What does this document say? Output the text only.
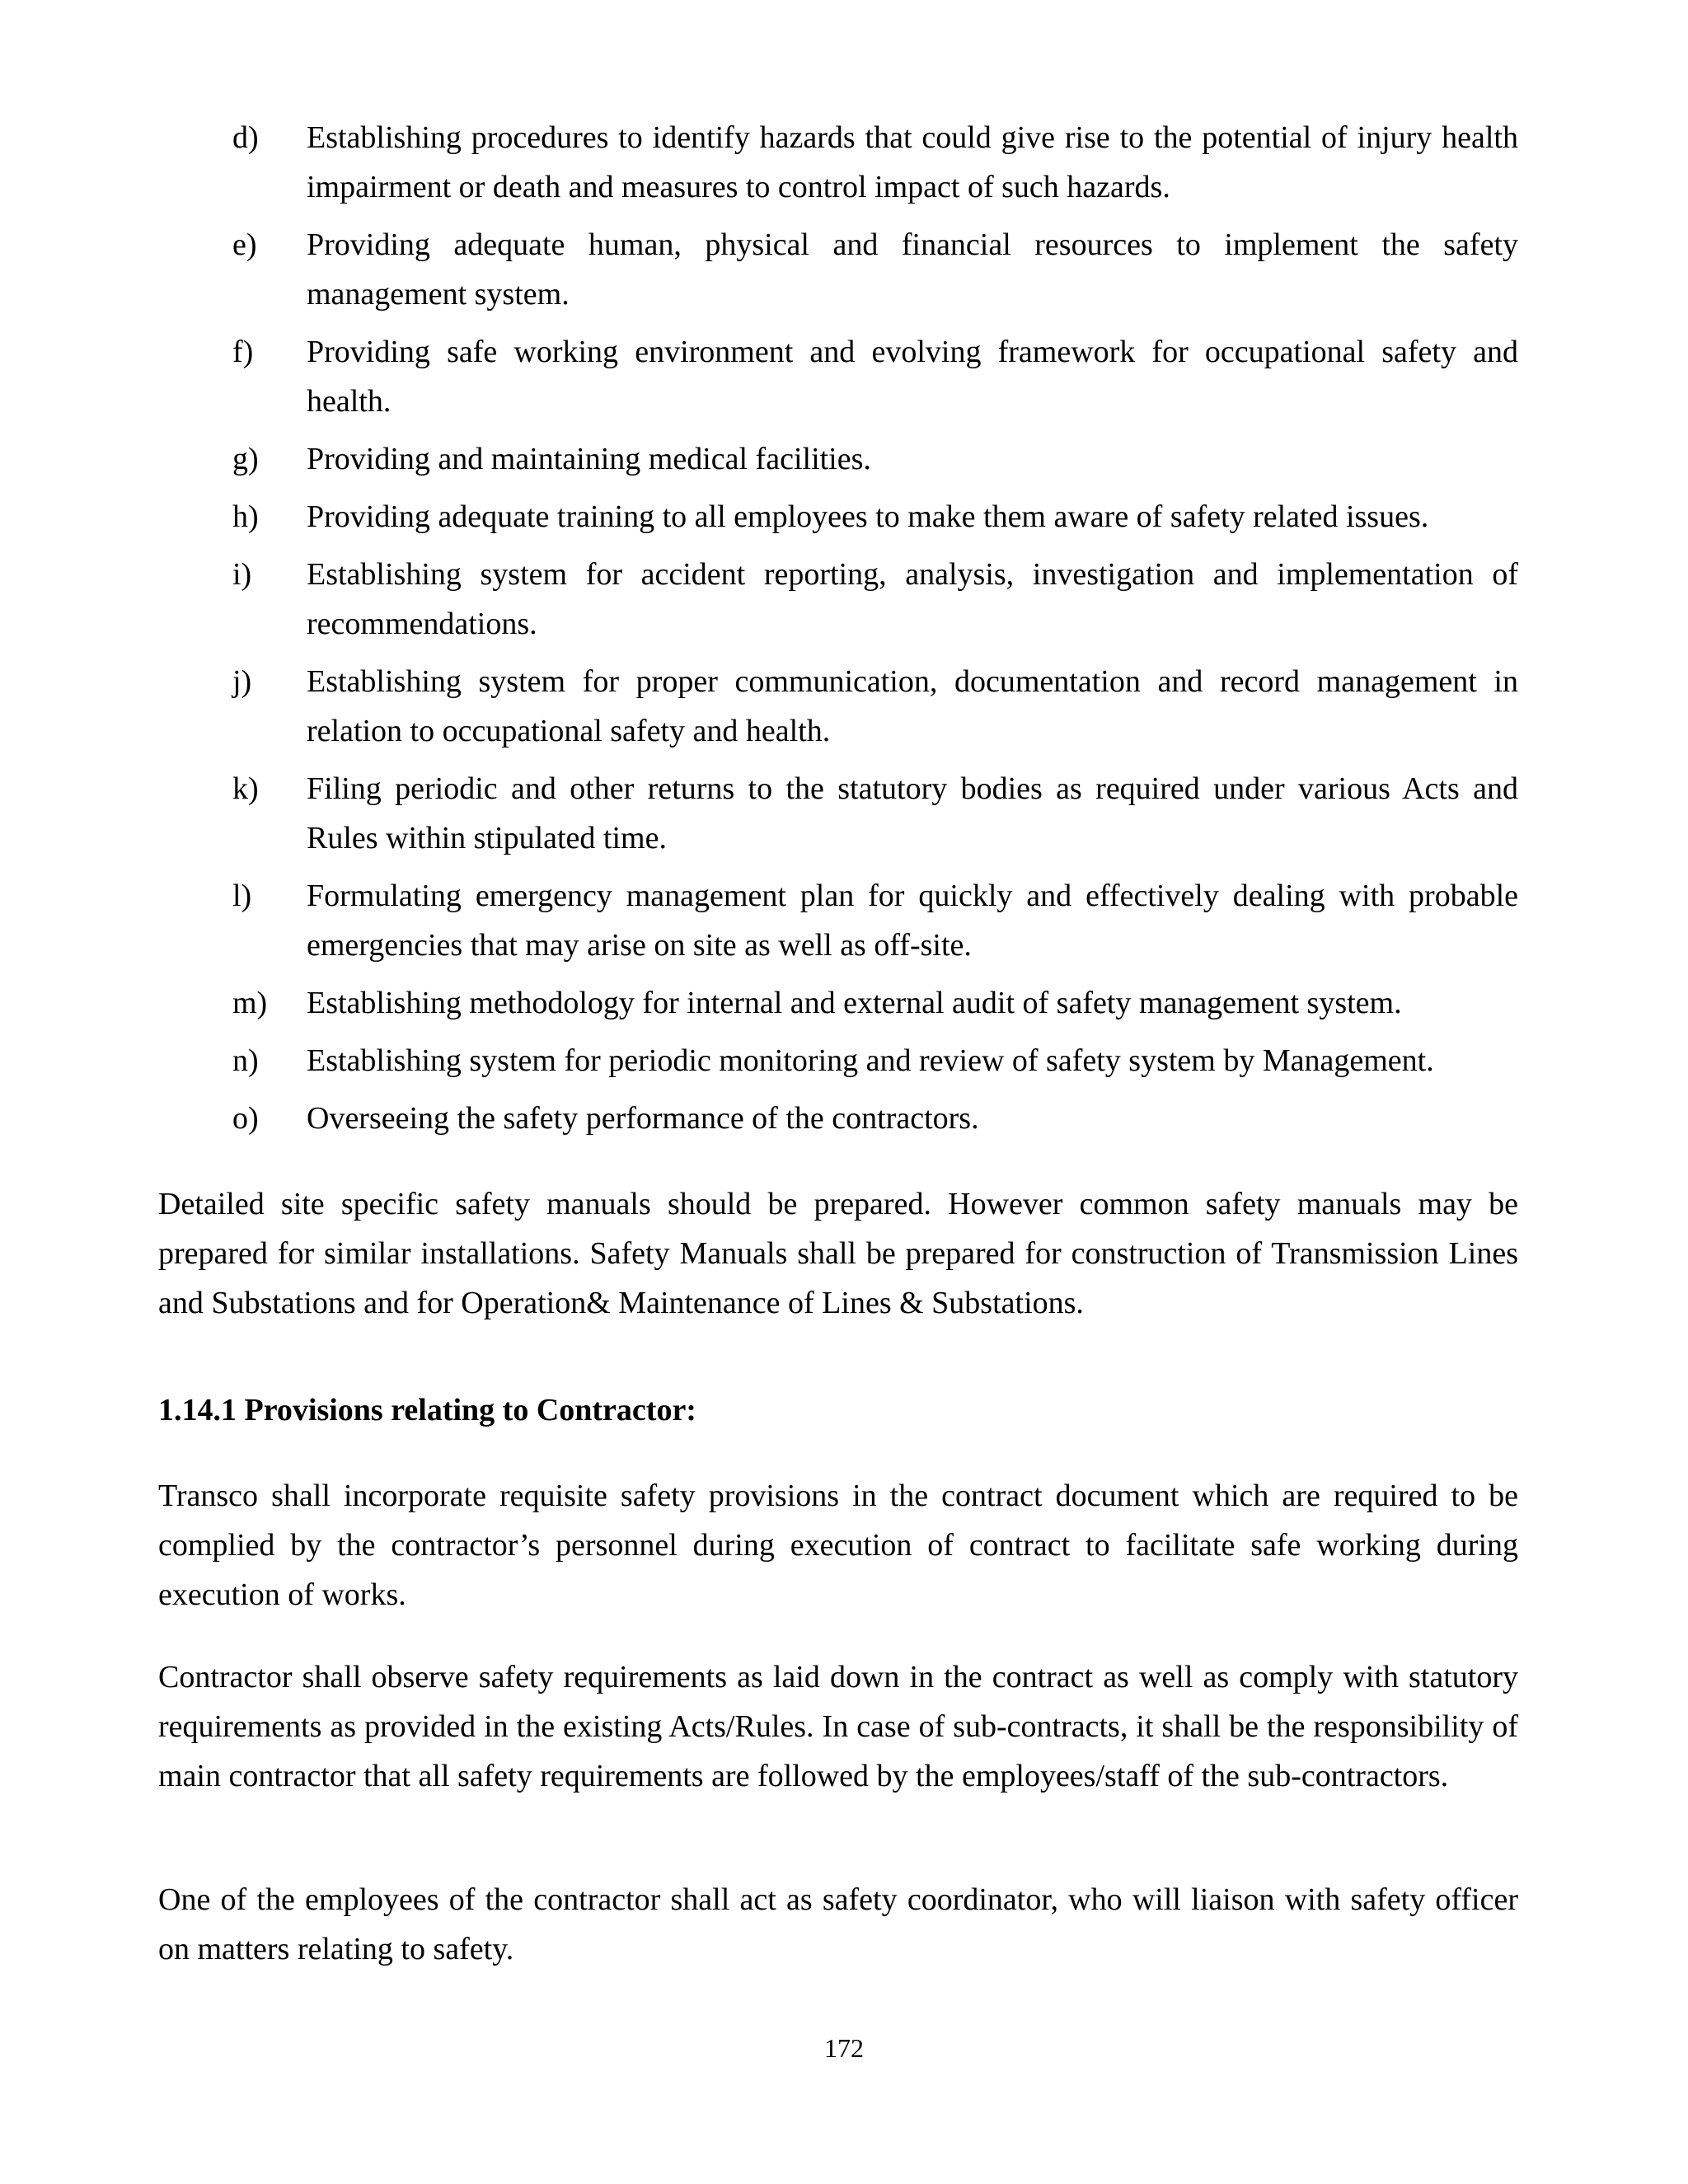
d) Establishing procedures to identify hazards that could give rise to the potential of injury health impairment or death and measures to control impact of such hazards.
e) Providing adequate human, physical and financial resources to implement the safety management system.
f) Providing safe working environment and evolving framework for occupational safety and health.
g) Providing and maintaining medical facilities.
h) Providing adequate training to all employees to make them aware of safety related issues.
i) Establishing system for accident reporting, analysis, investigation and implementation of recommendations.
j) Establishing system for proper communication, documentation and record management in relation to occupational safety and health.
k) Filing periodic and other returns to the statutory bodies as required under various Acts and Rules within stipulated time.
l) Formulating emergency management plan for quickly and effectively dealing with probable emergencies that may arise on site as well as off-site.
m) Establishing methodology for internal and external audit of safety management system.
n) Establishing system for periodic monitoring and review of safety system by Management.
o) Overseeing the safety performance of the contractors.

Detailed site specific safety manuals should be prepared. However common safety manuals may be prepared for similar installations. Safety Manuals shall be prepared for construction of Transmission Lines and Substations and for Operation& Maintenance of Lines & Substations.

1.14.1 Provisions relating to Contractor:

Transco shall incorporate requisite safety provisions in the contract document which are required to be complied by the contractor’s personnel during execution of contract to facilitate safe working during execution of works.

Contractor shall observe safety requirements as laid down in the contract as well as comply with statutory requirements as provided in the existing Acts/Rules. In case of sub-contracts, it shall be the responsibility of main contractor that all safety requirements are followed by the employees/staff of the sub-contractors.

One of the employees of the contractor shall act as safety coordinator, who will liaison with safety officer on matters relating to safety.

172
